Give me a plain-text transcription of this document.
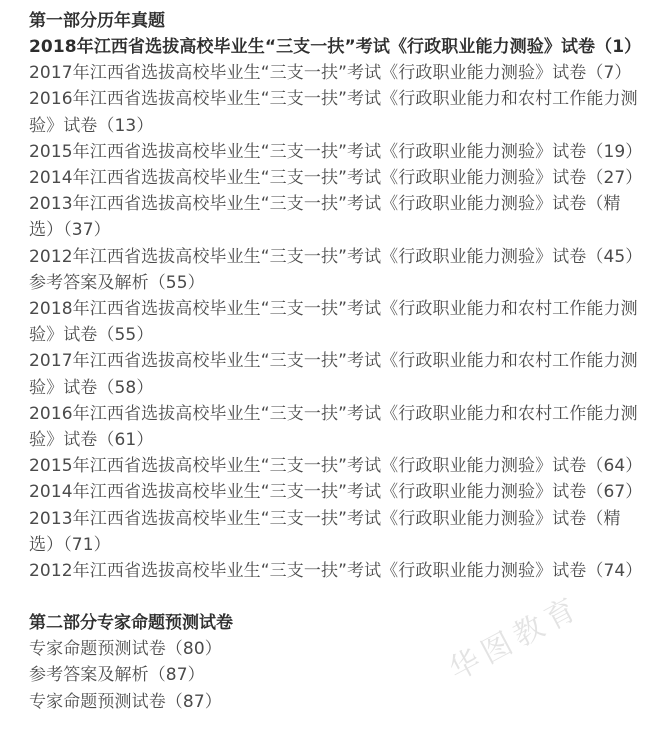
第一部分历年真题
2018年江西省选拔高校毕业生“三支一扶”考试《行政职业能力测验》试卷（1）
2017年江西省选拔高校毕业生“三支一扶”考试《行政职业能力测验》试卷（7）
2016年江西省选拔高校毕业生“三支一扶”考试《行政职业能力和农村工作能力测验》试卷（13）
2015年江西省选拔高校毕业生“三支一扶”考试《行政职业能力测验》试卷（19）
2014年江西省选拔高校毕业生“三支一扶”考试《行政职业能力测验》试卷（27）
2013年江西省选拔高校毕业生“三支一扶”考试《行政职业能力测验》试卷（精选）（37）
2012年江西省选拔高校毕业生“三支一扶”考试《行政职业能力测验》试卷（45）
参考答案及解析（55）
2018年江西省选拔高校毕业生“三支一扶”考试《行政职业能力和农村工作能力测验》试卷（55）
2017年江西省选拔高校毕业生“三支一扶”考试《行政职业能力和农村工作能力测验》试卷（58）
2016年江西省选拔高校毕业生“三支一扶”考试《行政职业能力和农村工作能力测验》试卷（61）
2015年江西省选拔高校毕业生“三支一扶”考试《行政职业能力测验》试卷（64）
2014年江西省选拔高校毕业生“三支一扶”考试《行政职业能力测验》试卷（67）
2013年江西省选拔高校毕业生“三支一扶”考试《行政职业能力测验》试卷（精选）（71）
2012年江西省选拔高校毕业生“三支一扶”考试《行政职业能力测验》试卷（74）
第二部分专家命题预测试卷
专家命题预测试卷（80）
参考答案及解析（87）
专家命题预测试卷（87）
华图教育
